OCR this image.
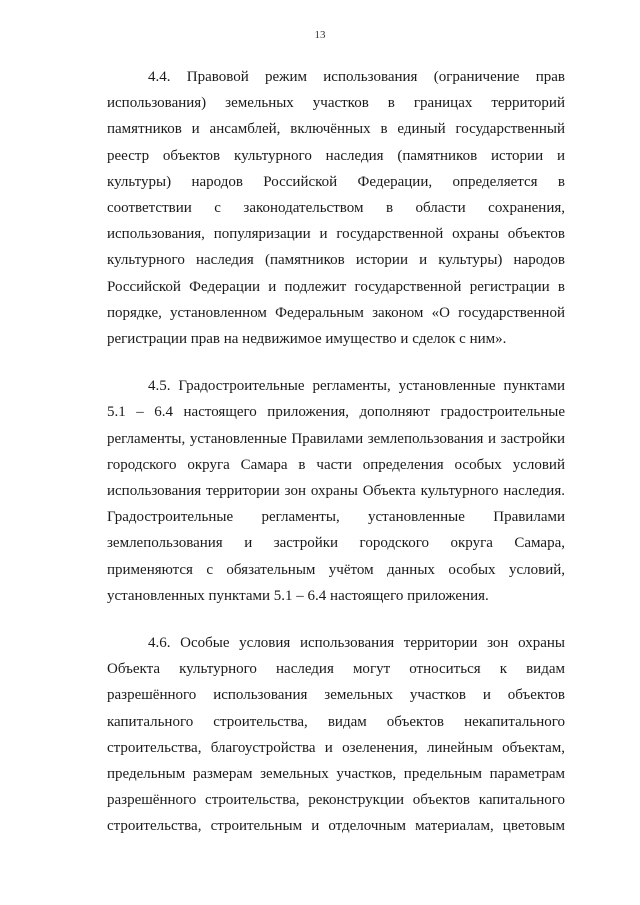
13
4.4. Правовой режим использования (ограничение прав
использования) земельных участков в границах территорий
памятников и ансамблей, включённых в единый государственный
реестр объектов культурного наследия (памятников истории и
культуры) народов Российской Федерации, определяется в
соответствии с законодательством в области сохранения,
использования, популяризации и государственной охраны объектов
культурного наследия (памятников истории и культуры) народов
Российской Федерации и подлежит государственной регистрации в
порядке, установленном Федеральным законом «О государственной
регистрации прав на недвижимое имущество и сделок с ним».
4.5. Градостроительные регламенты, установленные пунктами
5.1 – 6.4 настоящего приложения, дополняют градостроительные
регламенты, установленные Правилами землепользования и застройки
городского округа Самара в части определения особых условий
использования территории зон охраны Объекта культурного наследия.
Градостроительные регламенты, установленные Правилами
землепользования и застройки городского округа Самара,
применяются с обязательным учётом данных особых условий,
установленных пунктами 5.1 – 6.4 настоящего приложения.
4.6. Особые условия использования территории зон охраны
Объекта культурного наследия могут относиться к видам
разрешённого использования земельных участков и объектов
капитального строительства, видам объектов некапитального
строительства, благоустройства и озеленения, линейным объектам,
предельным размерам земельных участков, предельным параметрам
разрешённого строительства, реконструкции объектов капитального
строительства, строительным и отделочным материалам, цветовым
